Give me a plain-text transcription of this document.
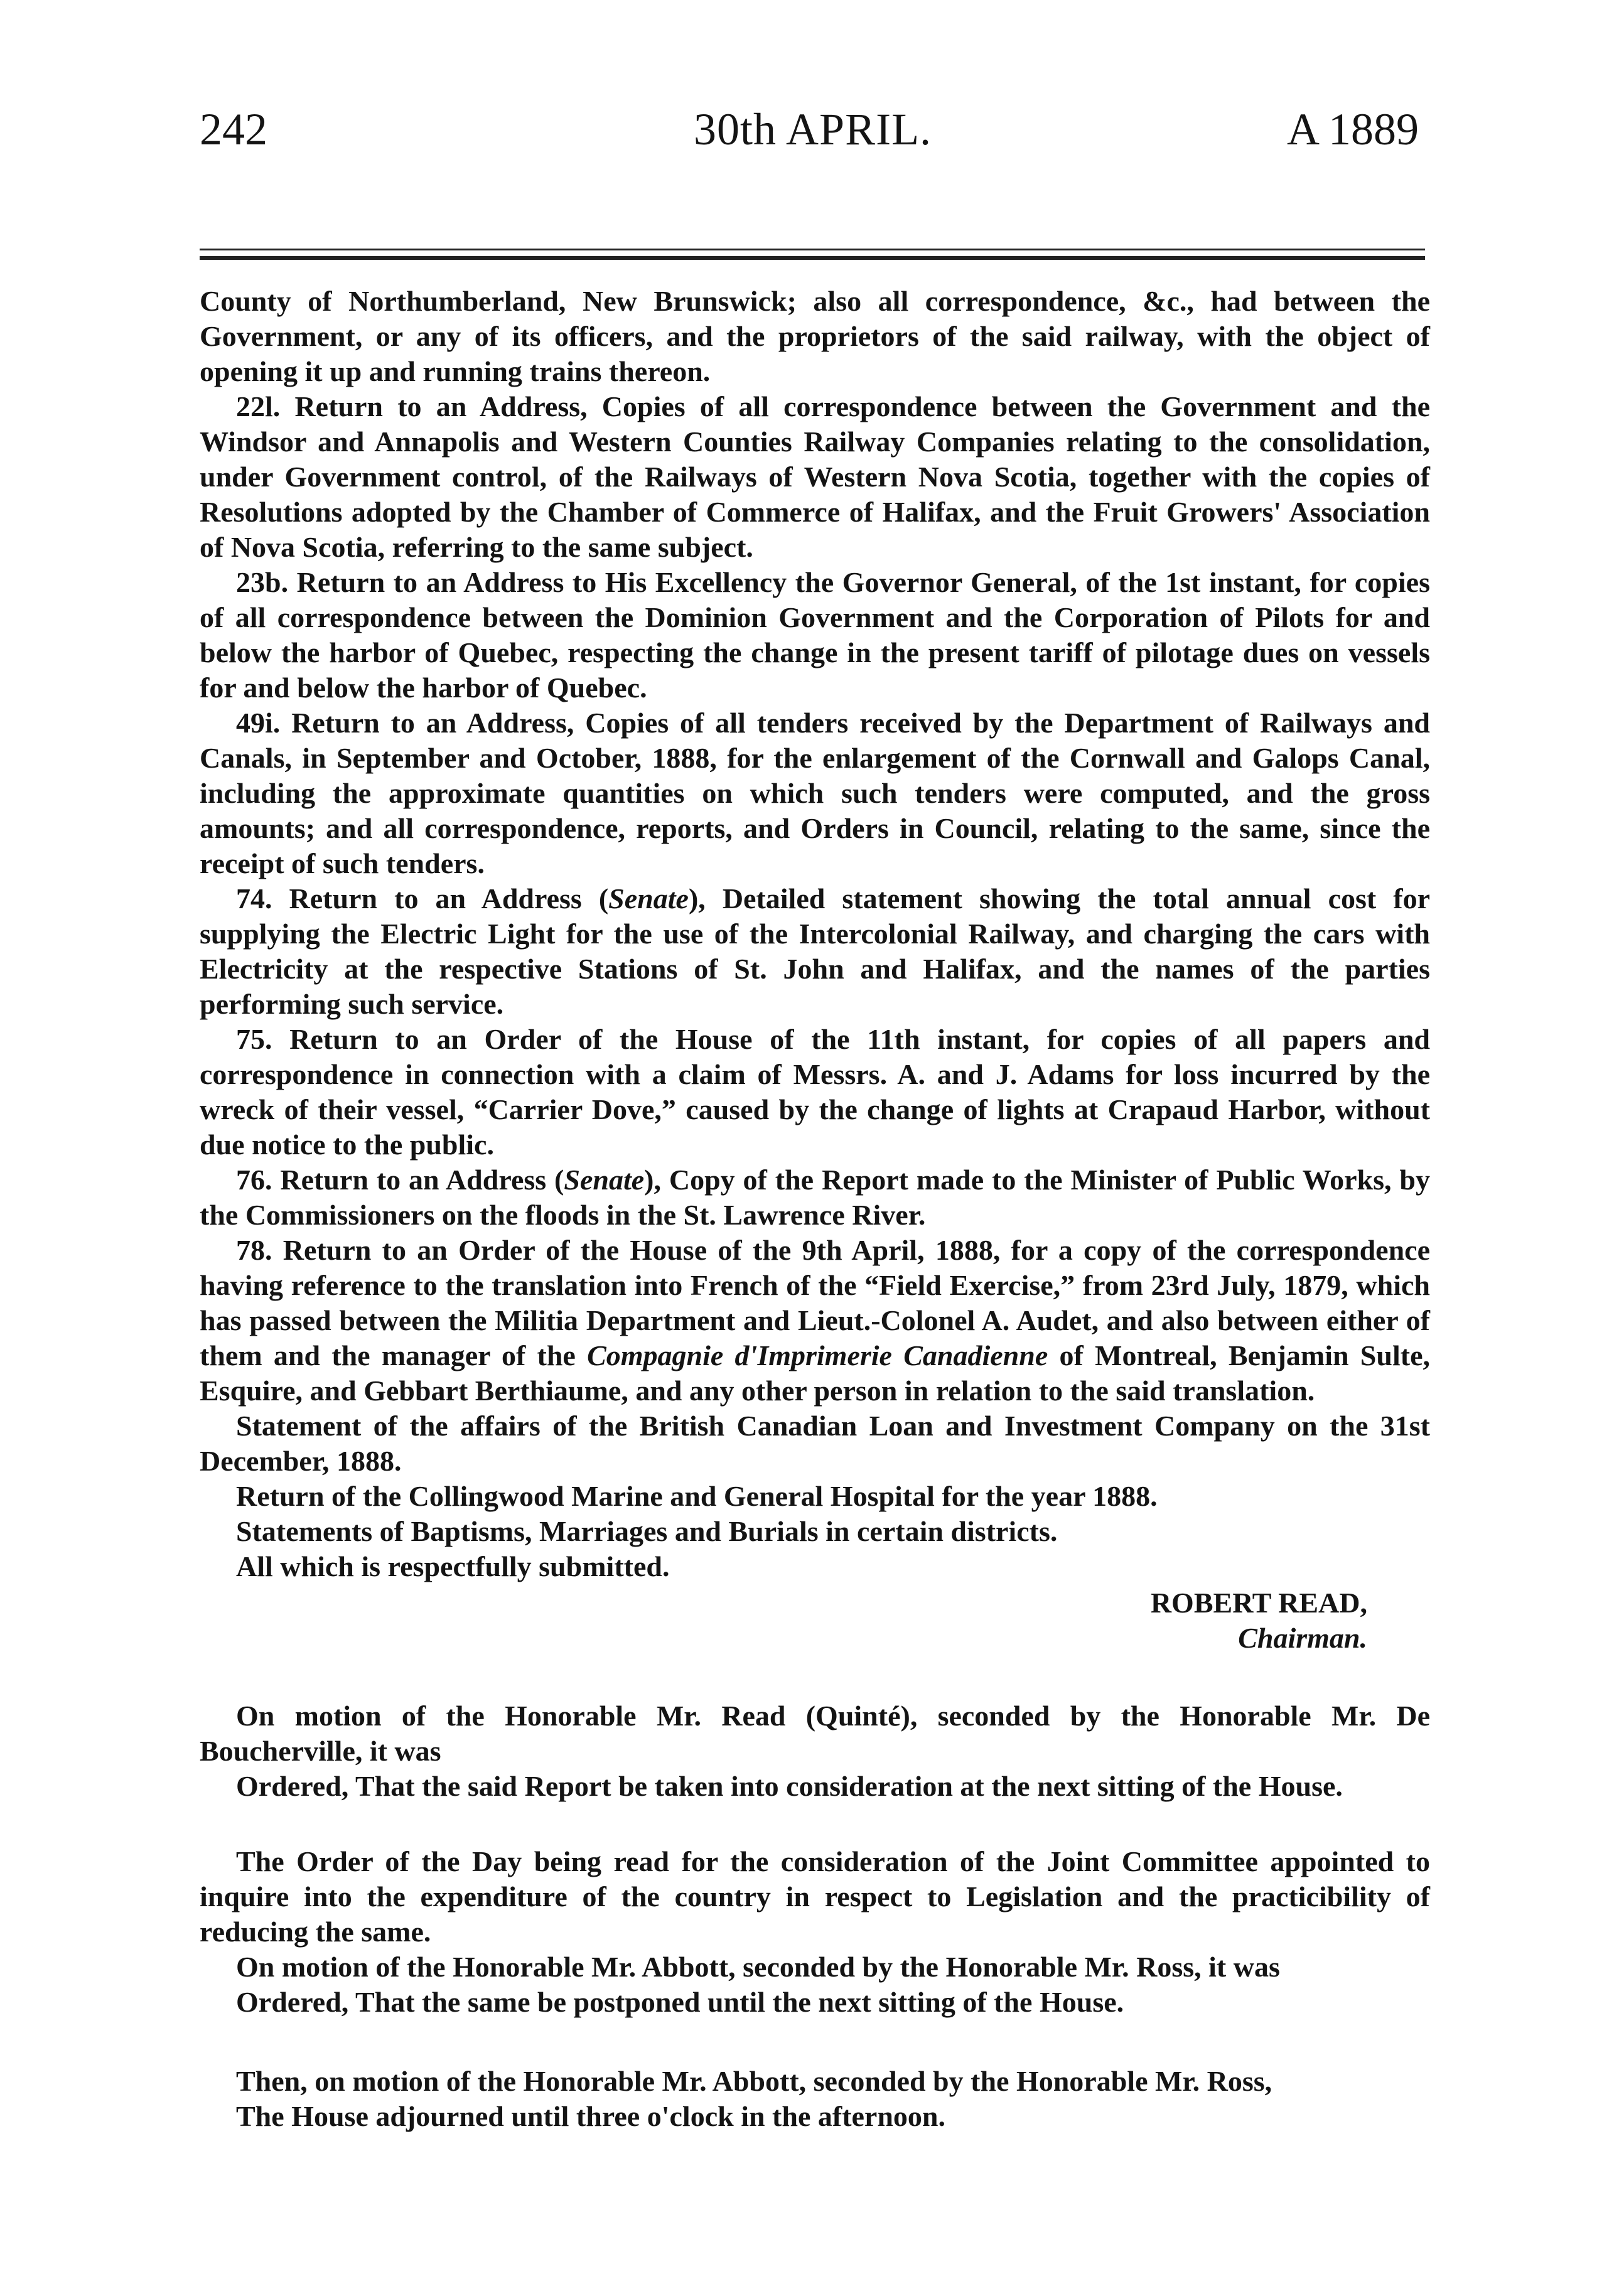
242	30th APRIL.	A 1889

County of Northumberland, New Brunswick; also all correspondence, &c., had between the Government, or any of its officers, and the proprietors of the said railway, with the object of opening it up and running trains thereon.

22l. Return to an Address, Copies of all correspondence between the Government and the Windsor and Annapolis and Western Counties Railway Companies relating to the consolidation, under Government control, of the Railways of Western Nova Scotia, together with the copies of Resolutions adopted by the Chamber of Commerce of Halifax, and the Fruit Growers' Association of Nova Scotia, referring to the same subject.

23b. Return to an Address to His Excellency the Governor General, of the 1st instant, for copies of all correspondence between the Dominion Government and the Corporation of Pilots for and below the harbor of Quebec, respecting the change in the present tariff of pilotage dues on vessels for and below the harbor of Quebec.

49i. Return to an Address, Copies of all tenders received by the Department of Railways and Canals, in September and October, 1888, for the enlargement of the Cornwall and Galops Canal, including the approximate quantities on which such tenders were computed, and the gross amounts; and all correspondence, reports, and Orders in Council, relating to the same, since the receipt of such tenders.

74. Return to an Address (Senate), Detailed statement showing the total annual cost for supplying the Electric Light for the use of the Intercolonial Railway, and charging the cars with Electricity at the respective Stations of St. John and Halifax, and the names of the parties performing such service.

75. Return to an Order of the House of the 11th instant, for copies of all papers and correspondence in connection with a claim of Messrs. A. and J. Adams for loss incurred by the wreck of their vessel, “Carrier Dove,” caused by the change of lights at Crapaud Harbor, without due notice to the public.

76. Return to an Address (Senate), Copy of the Report made to the Minister of Public Works, by the Commissioners on the floods in the St. Lawrence River.

78. Return to an Order of the House of the 9th April, 1888, for a copy of the correspondence having reference to the translation into French of the “Field Exercise,” from 23rd July, 1879, which has passed between the Militia Department and Lieut.-Colonel A. Audet, and also between either of them and the manager of the Compagnie d'Imprimerie Canadienne of Montreal, Benjamin Sulte, Esquire, and Gebbart Berthiaume, and any other person in relation to the said translation.

Statement of the affairs of the British Canadian Loan and Investment Company on the 31st December, 1888.

Return of the Collingwood Marine and General Hospital for the year 1888.

Statements of Baptisms, Marriages and Burials in certain districts.

All which is respectfully submitted.

ROBERT READ,

Chairman.

On motion of the Honorable Mr. Read (Quinté), seconded by the Honorable Mr. De Boucherville, it was

Ordered, That the said Report be taken into consideration at the next sitting of the House.

The Order of the Day being read for the consideration of the Joint Committee appointed to inquire into the expenditure of the country in respect to Legislation and the practicibility of reducing the same.

On motion of the Honorable Mr. Abbott, seconded by the Honorable Mr. Ross, it was

Ordered, That the same be postponed until the next sitting of the House.

Then, on motion of the Honorable Mr. Abbott, seconded by the Honorable Mr. Ross,

The House adjourned until three o'clock in the afternoon.
